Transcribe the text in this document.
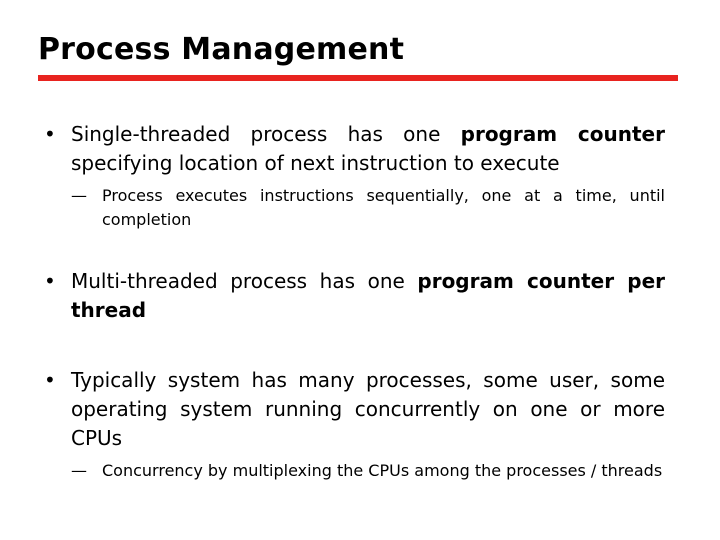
Process Management
• Single-threaded process has one program counter specifying location of next instruction to execute
— Process executes instructions sequentially, one at a time, until completion
• Multi-threaded process has one program counter per thread
• Typically system has many processes, some user, some operating system running concurrently on one or more CPUs
— Concurrency by multiplexing the CPUs among the processes / threads
